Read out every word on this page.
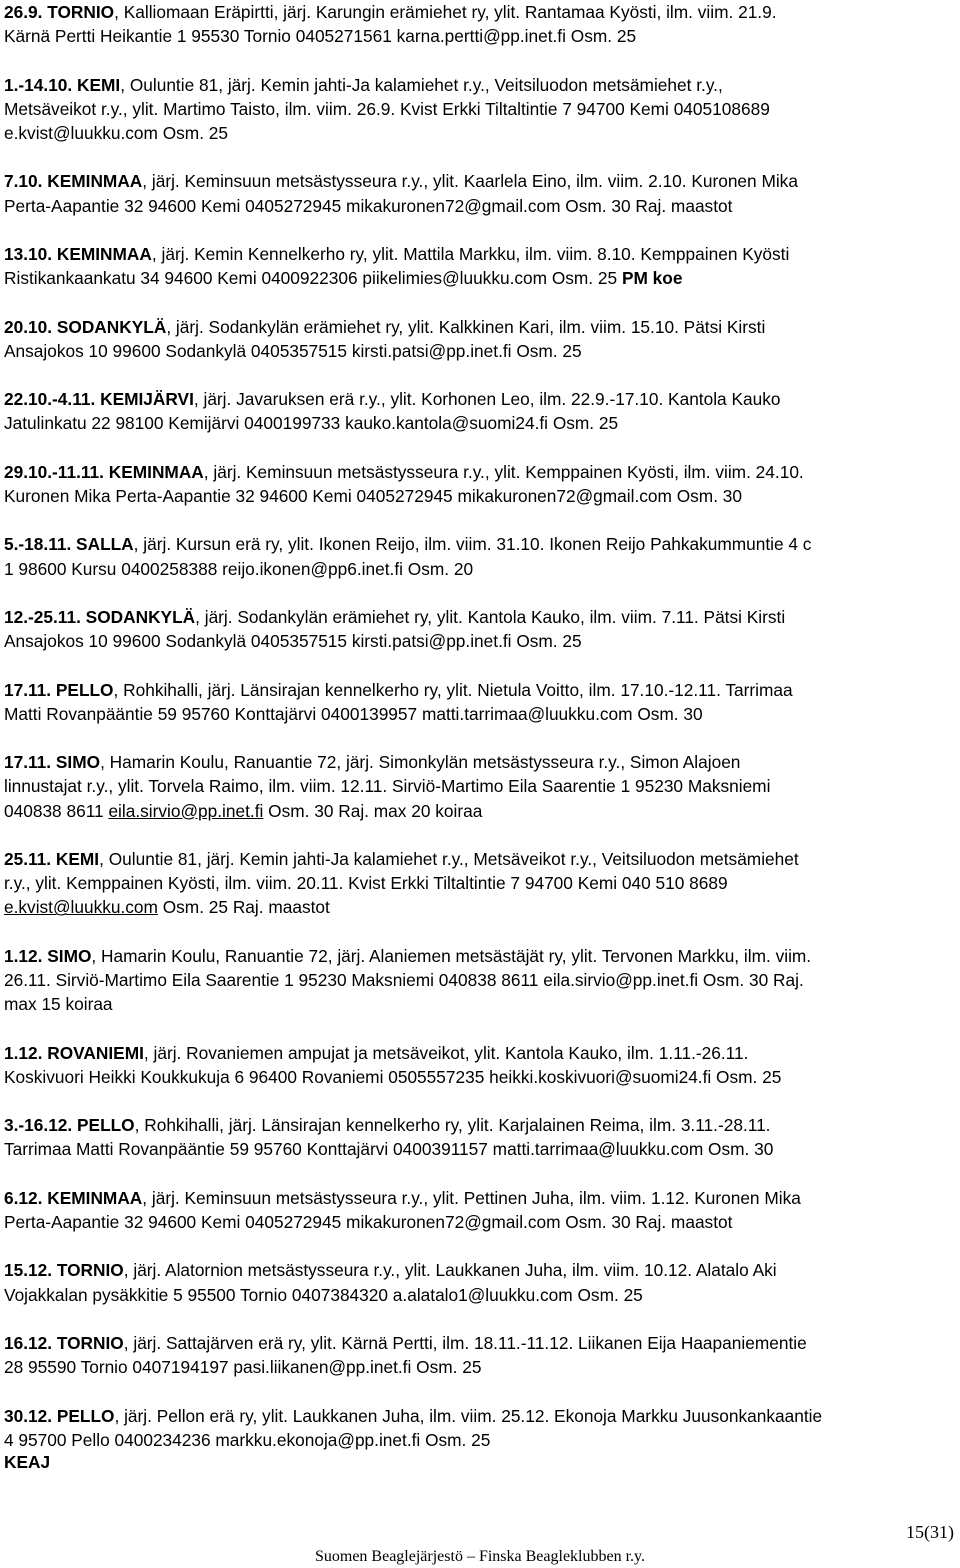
26.9. TORNIO, Kalliomaan Eräpirtti, järj. Karungin erämiehet ry, ylit. Rantamaa Kyösti, ilm. viim. 21.9.
Kärnä Pertti Heikantie 1 95530 Tornio 0405271561 karna.pertti@pp.inet.fi Osm. 25
1.-14.10. KEMI, Ouluntie 81, järj. Kemin jahti-Ja kalamiehet r.y., Veitsiluodon metsämiehet r.y.,
Metsäveikot r.y., ylit. Martimo Taisto, ilm. viim. 26.9. Kvist Erkki Tiltaltintie 7 94700 Kemi 0405108689
e.kvist@luukku.com Osm. 25
7.10. KEMINMAA, järj. Keminsuun metsästysseura r.y., ylit. Kaarlela Eino, ilm. viim. 2.10. Kuronen Mika
Perta-Aapantie 32 94600 Kemi 0405272945 mikakuronen72@gmail.com Osm. 30 Raj. maastot
13.10. KEMINMAA, järj. Kemin Kennelkerho ry, ylit. Mattila Markku, ilm. viim. 8.10. Kemppainen Kyösti
Ristikankaankatu 34 94600 Kemi 0400922306 piikelimies@luukku.com Osm. 25 PM koe
20.10. SODANKYLÄ, järj. Sodankylän erämiehet ry, ylit. Kalkkinen Kari, ilm. viim. 15.10. Pätsi Kirsti
Ansajokos 10 99600 Sodankylä 0405357515 kirsti.patsi@pp.inet.fi Osm. 25
22.10.-4.11. KEMIJÄRVI, järj. Javaruksen erä r.y., ylit. Korhonen Leo, ilm. 22.9.-17.10. Kantola Kauko
Jatulinkatu 22 98100 Kemijärvi 0400199733 kauko.kantola@suomi24.fi Osm. 25
29.10.-11.11. KEMINMAA, järj. Keminsuun metsästysseura r.y., ylit. Kemppainen Kyösti, ilm. viim. 24.10.
Kuronen Mika Perta-Aapantie 32 94600 Kemi 0405272945 mikakuronen72@gmail.com Osm. 30
5.-18.11. SALLA, järj. Kursun erä ry, ylit. Ikonen Reijo, ilm. viim. 31.10. Ikonen Reijo Pahkakummuntie 4 c
1 98600 Kursu 0400258388 reijo.ikonen@pp6.inet.fi Osm. 20
12.-25.11. SODANKYLÄ, järj. Sodankylän erämiehet ry, ylit. Kantola Kauko, ilm. viim. 7.11. Pätsi Kirsti
Ansajokos 10 99600 Sodankylä 0405357515 kirsti.patsi@pp.inet.fi Osm. 25
17.11. PELLO, Rohkihalli, järj. Länsirajan kennelkerho ry, ylit. Nietula Voitto, ilm. 17.10.-12.11. Tarrimaa
Matti Rovanpääntie 59 95760 Konttajärvi 0400139957 matti.tarrimaa@luukku.com Osm. 30
17.11. SIMO, Hamarin Koulu, Ranuantie 72, järj. Simonkylän metsästysseura r.y., Simon Alajoen
linnustajat r.y., ylit. Torvela Raimo, ilm. viim. 12.11. Sirviö-Martimo Eila Saarentie 1 95230 Maksniemi
040838 8611 eila.sirvio@pp.inet.fi Osm. 30 Raj. max 20 koiraa
25.11. KEMI, Ouluntie 81, järj. Kemin jahti-Ja kalamiehet r.y., Metsäveikot r.y., Veitsiluodon metsämiehet
r.y., ylit. Kemppainen Kyösti, ilm. viim. 20.11. Kvist Erkki Tiltaltintie 7 94700 Kemi 040 510 8689
e.kvist@luukku.com Osm. 25 Raj. maastot
1.12. SIMO, Hamarin Koulu, Ranuantie 72, järj. Alaniemen metsästäjät ry, ylit. Tervonen Markku, ilm. viim.
26.11. Sirviö-Martimo Eila Saarentie 1 95230 Maksniemi 040838 8611 eila.sirvio@pp.inet.fi Osm. 30 Raj.
max 15 koiraa
1.12. ROVANIEMI, järj. Rovaniemen ampujat ja metsäveikot, ylit. Kantola Kauko, ilm. 1.11.-26.11.
Koskivuori Heikki Koukkukuja 6 96400 Rovaniemi 0505557235 heikki.koskivuori@suomi24.fi Osm. 25
3.-16.12. PELLO, Rohkihalli, järj. Länsirajan kennelkerho ry, ylit. Karjalainen Reima, ilm. 3.11.-28.11.
Tarrimaa Matti Rovanpääntie 59 95760 Konttajärvi 0400391157 matti.tarrimaa@luukku.com Osm. 30
6.12. KEMINMAA, järj. Keminsuun metsästysseura r.y., ylit. Pettinen Juha, ilm. viim. 1.12. Kuronen Mika
Perta-Aapantie 32 94600 Kemi 0405272945 mikakuronen72@gmail.com Osm. 30 Raj. maastot
15.12. TORNIO, järj. Alatornion metsästysseura r.y., ylit. Laukkanen Juha, ilm. viim. 10.12. Alatalo Aki
Vojakkalan pysäkkitie 5 95500 Tornio 0407384320 a.alatalo1@luukku.com Osm. 25
16.12. TORNIO, järj. Sattajärven erä ry, ylit. Kärnä Pertti, ilm. 18.11.-11.12. Liikanen Eija Haapaniementie
28 95590 Tornio 0407194197 pasi.liikanen@pp.inet.fi Osm. 25
30.12. PELLO, järj. Pellon erä ry, ylit. Laukkanen Juha, ilm. viim. 25.12. Ekonoja Markku Juusonkankaantie
4 95700 Pello 0400234236 markku.ekonoja@pp.inet.fi Osm. 25
KEAJ
15(31)
Suomen Beaglejärjestö – Finska Beagleklubben r.y.
